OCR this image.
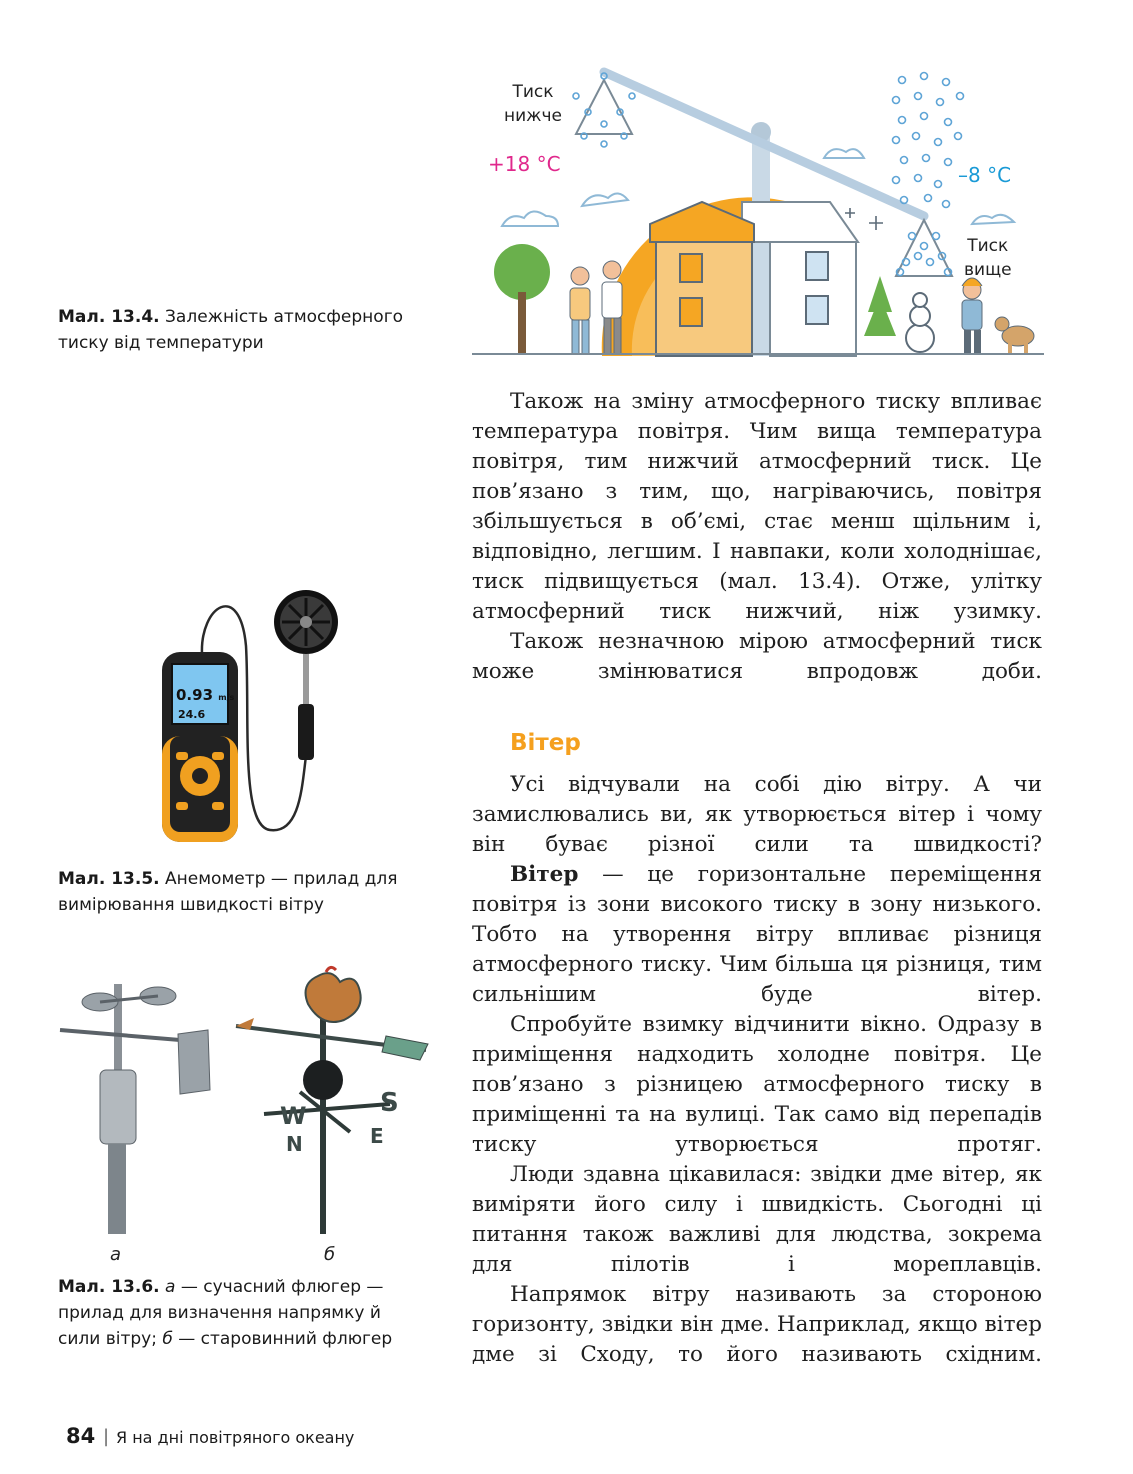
Тиск
нижче
+18 °C	–8 °C
Тиск
вище
Мал. 13.4. Залежність атмосферного тиску від температури
0.93 m/s
24.6
Мал. 13.5. Анемометр — прилад для вимірювання швидкості вітру
W
N
S
E
а	б
Мал. 13.6. а — сучасний флюгер — прилад для визначення напрямку й сили вітру; б — старовинний флюгер

Також на зміну атмосферного тиску впливає температура повітря. Чим вища температура повітря, тим нижчий атмосферний тиск. Це пов’язано з тим, що, нагріваючись, повітря збільшується в об’ємі, стає менш щільним і, відповідно, легшим. І навпаки, коли холоднішає, тиск підвищується (мал. 13.4). Отже, улітку атмосферний тиск нижчий, ніж узимку.

Також незначною мірою атмосферний тиск може змінюватися впродовж доби.

Вітер

Усі відчували на собі дію вітру. А чи замислювались ви, як утворюється вітер і чому він буває різної сили та швидкості?

Вітер — це горизонтальне переміщення повітря із зони високого тиску в зону низького. Тобто на утворення вітру впливає різниця атмосферного тиску. Чим більша ця різниця, тим сильнішим буде вітер.

Спробуйте взимку відчинити вікно. Одразу в приміщення надходить холодне повітря. Це пов’язано з різницею атмосферного тиску в приміщенні та на вулиці. Так само від перепадів тиску утворюється протяг.

Люди здавна цікавилася: звідки дме вітер, як виміряти його силу і швидкість. Сьогодні ці питання також важливі для людства, зокрема для пілотів і мореплавців.

Напрямок вітру називають за стороною горизонту, звідки він дме. Наприклад, якщо вітер дме зі Сходу, то його називають східним.

84 | Я на дні повітряного океану
